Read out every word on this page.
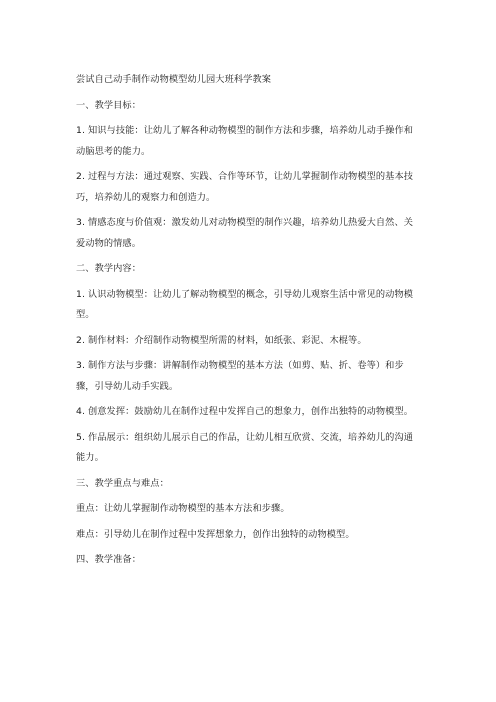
尝试自己动手制作动物模型幼儿园大班科学教案
一、教学目标：
1. 知识与技能：让幼儿了解各种动物模型的制作方法和步骤，培养幼儿动手操作和动脑思考的能力。
2. 过程与方法：通过观察、实践、合作等环节，让幼儿掌握制作动物模型的基本技巧，培养幼儿的观察力和创造力。
3. 情感态度与价值观：激发幼儿对动物模型的制作兴趣，培养幼儿热爱大自然、关爱动物的情感。
二、教学内容：
1. 认识动物模型：让幼儿了解动物模型的概念，引导幼儿观察生活中常见的动物模型。
2. 制作材料：介绍制作动物模型所需的材料，如纸张、彩泥、木棍等。
3. 制作方法与步骤：讲解制作动物模型的基本方法（如剪、贴、折、卷等）和步骤，引导幼儿动手实践。
4. 创意发挥：鼓励幼儿在制作过程中发挥自己的想象力，创作出独特的动物模型。
5. 作品展示：组织幼儿展示自己的作品，让幼儿相互欣赏、交流，培养幼儿的沟通能力。
三、教学重点与难点：
重点：让幼儿掌握制作动物模型的基本方法和步骤。
难点：引导幼儿在制作过程中发挥想象力，创作出独特的动物模型。
四、教学准备：
